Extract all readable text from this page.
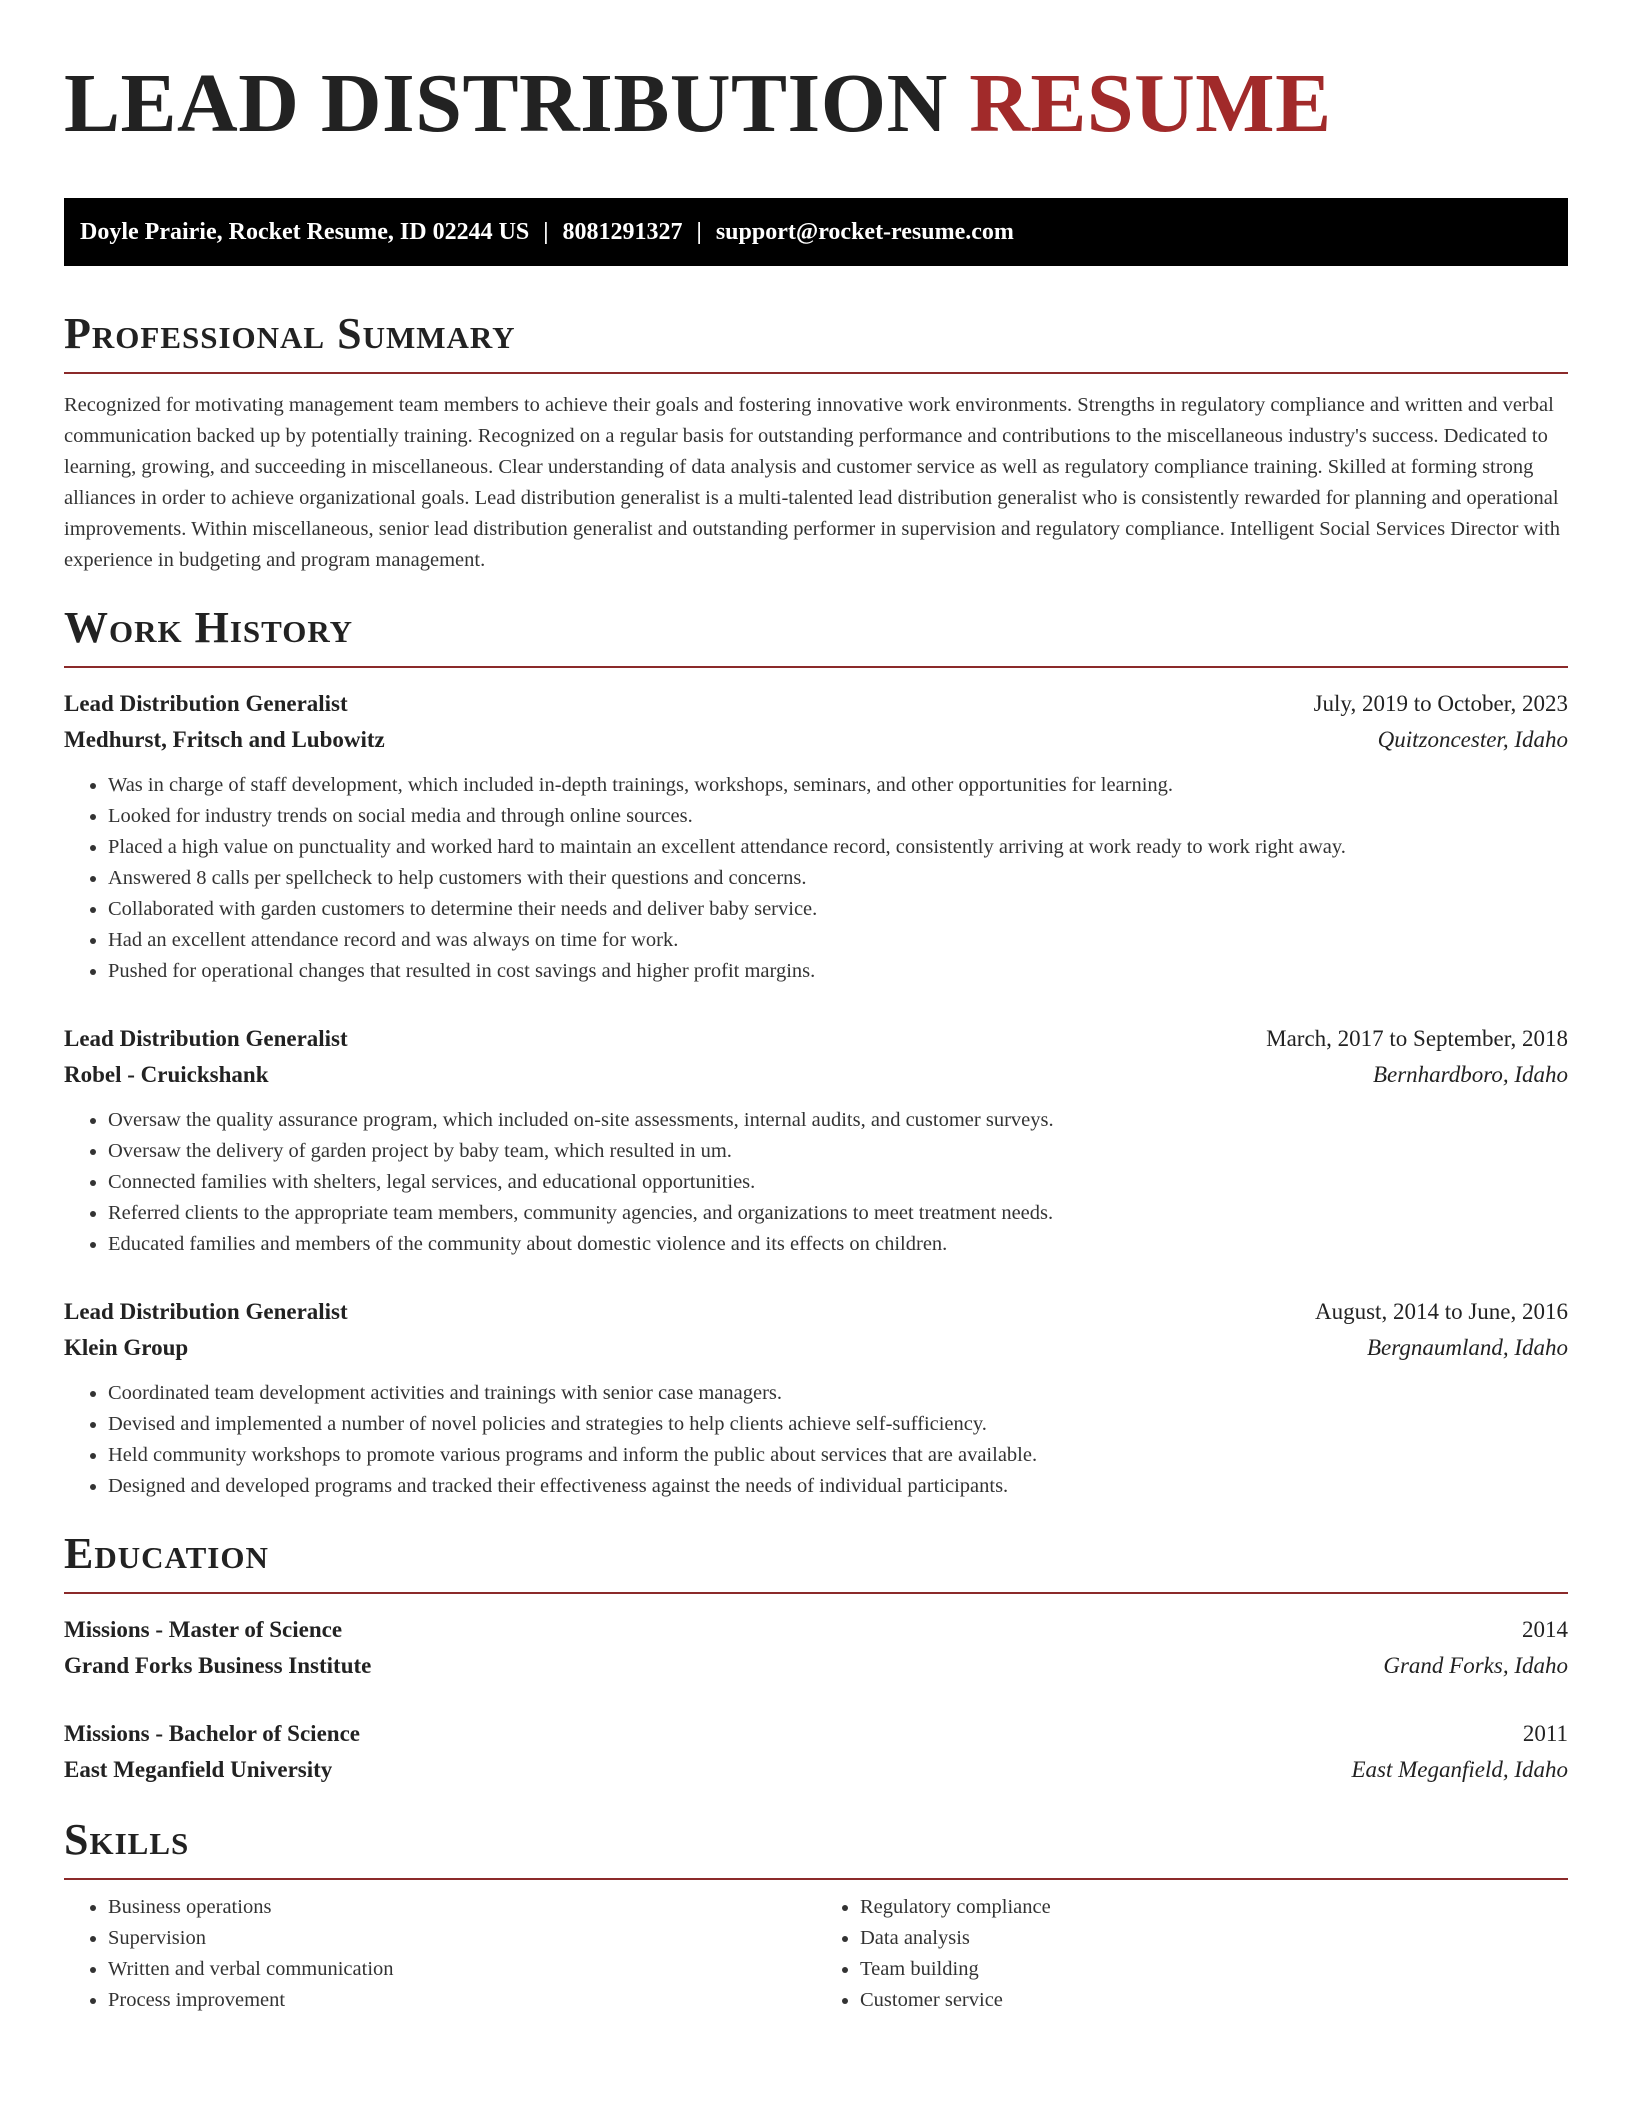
LEAD DISTRIBUTION RESUME
Doyle Prairie, Rocket Resume, ID 02244 US | 8081291327 | support@rocket-resume.com
Professional Summary

Recognized for motivating management team members to achieve their goals and fostering innovative work environments. Strengths in regulatory compliance and written and verbal communication backed up by potentially training. Recognized on a regular basis for outstanding performance and contributions to the miscellaneous industry's success. Dedicated to learning, growing, and succeeding in miscellaneous. Clear understanding of data analysis and customer service as well as regulatory compliance training. Skilled at forming strong alliances in order to achieve organizational goals. Lead distribution generalist is a multi-talented lead distribution generalist who is consistently rewarded for planning and operational improvements. Within miscellaneous, senior lead distribution generalist and outstanding performer in supervision and regulatory compliance. Intelligent Social Services Director with experience in budgeting and program management.

Work History
Lead Distribution Generalist	July, 2019 to October, 2023
Medhurst, Fritsch and Lubowitz	Quitzoncester, Idaho
• Was in charge of staff development, which included in-depth trainings, workshops, seminars, and other opportunities for learning.
• Looked for industry trends on social media and through online sources.
• Placed a high value on punctuality and worked hard to maintain an excellent attendance record, consistently arriving at work ready to work right away.
• Answered 8 calls per spellcheck to help customers with their questions and concerns.
• Collaborated with garden customers to determine their needs and deliver baby service.
• Had an excellent attendance record and was always on time for work.
• Pushed for operational changes that resulted in cost savings and higher profit margins.
Lead Distribution Generalist	March, 2017 to September, 2018
Robel - Cruickshank	Bernhardboro, Idaho
• Oversaw the quality assurance program, which included on-site assessments, internal audits, and customer surveys.
• Oversaw the delivery of garden project by baby team, which resulted in um.
• Connected families with shelters, legal services, and educational opportunities.
• Referred clients to the appropriate team members, community agencies, and organizations to meet treatment needs.
• Educated families and members of the community about domestic violence and its effects on children.
Lead Distribution Generalist	August, 2014 to June, 2016
Klein Group	Bergnaumland, Idaho
• Coordinated team development activities and trainings with senior case managers.
• Devised and implemented a number of novel policies and strategies to help clients achieve self-sufficiency.
• Held community workshops to promote various programs and inform the public about services that are available.
• Designed and developed programs and tracked their effectiveness against the needs of individual participants.
Education
Missions - Master of Science	2014
Grand Forks Business Institute	Grand Forks, Idaho
Missions - Bachelor of Science	2011
East Meganfield University	East Meganfield, Idaho
Skills
• Business operations
• Supervision
• Written and verbal communication
• Process improvement
• Regulatory compliance
• Data analysis
• Team building
• Customer service
